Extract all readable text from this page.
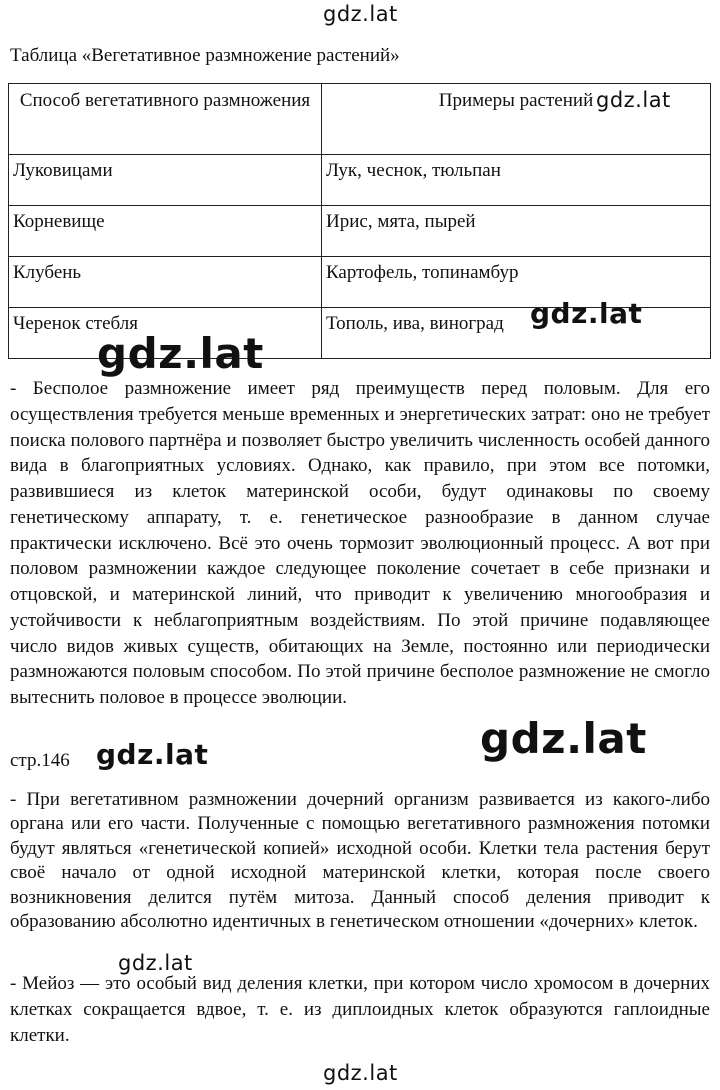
Таблица «Вегетативное размножение растений»
Способ вегетативного размножения	Примеры растений
Луковицами	Лук, чеснок, тюльпан
Корневище	Ирис, мята, пырей
Клубень	Картофель, топинамбур
Черенок стебля	Тополь, ива, виноград

- Бесполое размножение имеет ряд преимуществ перед половым. Для его осуществления требуется меньше временных и энергетических затрат: оно не требует поиска полового партнёра и позволяет быстро увеличить численность особей данного вида в благоприятных условиях. Однако, как правило, при этом все потомки, развившиеся из клеток материнской особи, будут одинаковы по своему генетическому аппарату, т. е. генетическое разнообразие в данном случае практически исключено. Всё это очень тормозит эволюционный процесс. А вот при половом размножении каждое следующее поколение сочетает в себе признаки и отцовской, и материнской линий, что приводит к увеличению многообразия и устойчивости к неблагоприятным воздействиям. По этой причине подавляющее число видов живых существ, обитающих на Земле, постоянно или периодически размножаются половым способом. По этой причине бесполое размножение не смогло вытеснить половое в процессе эволюции.

стр.146

- При вегетативном размножении дочерний организм развивается из какого-либо органа или его части. Полученные с помощью вегетативного размножения потомки будут являться «генетической копией» исходной особи. Клетки тела растения берут своё начало от одной исходной материнской клетки, которая после своего возникновения делится путём митоза. Данный способ деления приводит к образованию абсолютно идентичных в генетическом отношении «дочерних» клеток.

- Мейоз — это особый вид деления клетки, при котором число хромосом в дочерних клетках сокращается вдвое, т. е. из диплоидных клеток образуются гаплоидные клетки.

gdz.lat
gdz.lat
gdz.lat
gdz.lat
gdz.lat
gdz.lat
gdz.lat
gdz.lat
